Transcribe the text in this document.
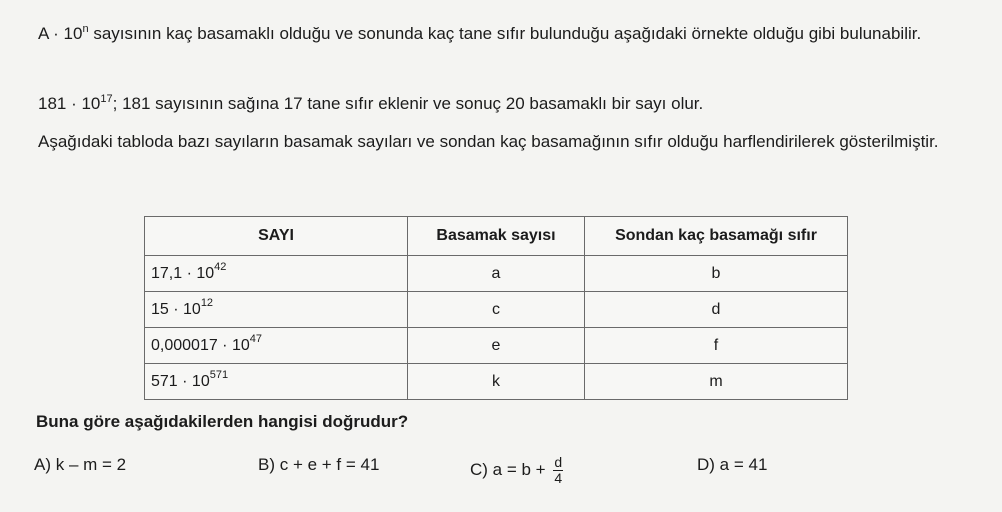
$A \cdot 10^n$ sayısının kaç basamaklı olduğu ve sonunda kaç tane sıfır bulunduğu aşağıdaki örnekte olduğu gibi bulunabilir.
$181 \cdot 10^{17}$; 181 sayısının sağına 17 tane sıfır eklenir ve sonuç 20 basamaklı bir sayı olur.
Aşağıdaki tabloda bazı sayıların basamak sayıları ve sondan kaç basamağının sıfır olduğu harflendirilerek gösterilmiştir.
SAYI	Basamak sayısı	Sondan kaç basamağı sıfır
$17,1 \cdot 10^{42}$	a	b
$15 \cdot 10^{12}$	c	d
$0,000017 \cdot 10^{47}$	e	f
$571 \cdot 10^{571}$	k	m
Buna göre aşağıdakilerden hangisi doğrudur?
A) k – m = 2	B) c + e + f = 41	C) $a = b + \frac{d}{4}$	D) a = 41
